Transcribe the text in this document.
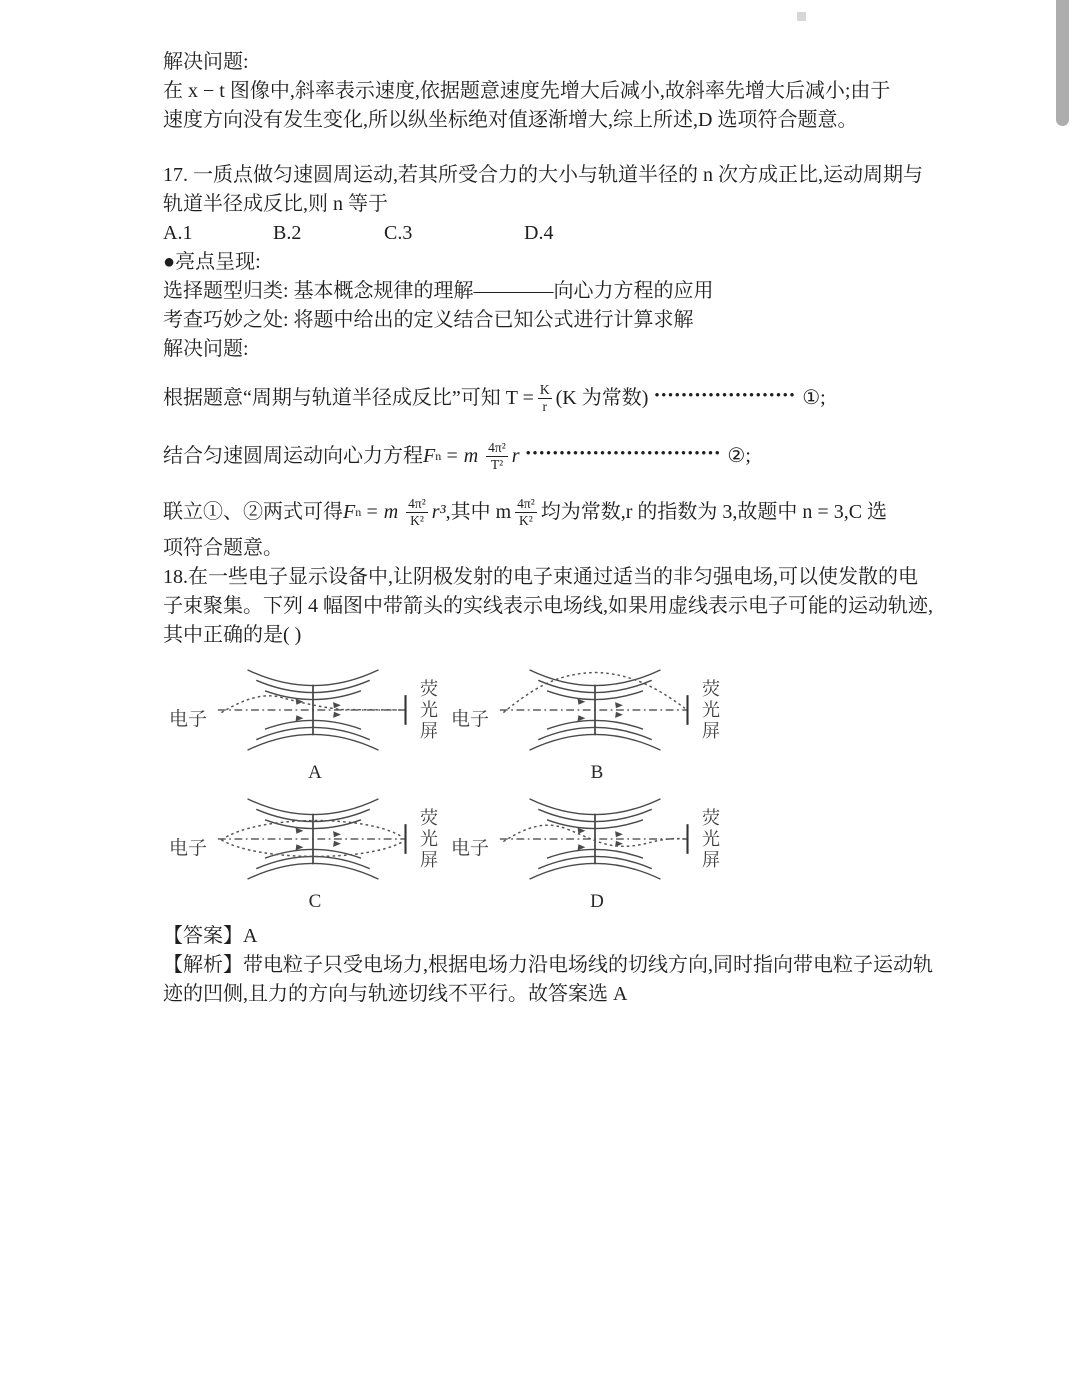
解决问题:
在 x − t 图像中,斜率表示速度,依据题意速度先增大后减小,故斜率先增大后减小;由于
速度方向没有发生变化,所以纵坐标绝对值逐渐增大,综上所述,D 选项符合题意。
17. 一质点做匀速圆周运动,若其所受合力的大小与轨道半径的 n 次方成正比,运动周期与
轨道半径成反比,则 n 等于
A.1	B.2	C.3	D.4
●亮点呈现:
选择题型归类: 基本概念规律的理解————向心力方程的应用
考查巧妙之处: 将题中给出的定义结合已知公式进行计算求解
解决问题:
根据题意“周期与轨道半径成反比”可知 $T = \frac{K}{r} (K$ 为常数) ••••••••••••••••••••• ①;
结合匀速圆周运动向心力方程 F n = m $\frac{\text{4π²}}{\text{T²}}$ r ••••••••••••••••••••••••••••• ②;
联立①、②两式可得 F n = m $\frac{\text{4π²}}{\text{K²}} r^3$ ,其中 m $\frac{\text{4π²}}{\text{K²}}$ 均为常数,r 的指数为 3,故题中 n = 3,C 选
项符合题意。
18.在一些电子显示设备中,让阴极发射的电子束通过适当的非匀强电场,可以使发散的电
子束聚集。下列 4 幅图中带箭头的实线表示电场线,如果用虚线表示电子可能的运动轨迹,
其中正确的是( )
电子	荧光屏
A
电子	荧光屏
B
电子	荧光屏
C
电子	荧光屏
D
【答案】A
【解析】带电粒子只受电场力,根据电场力沿电场线的切线方向,同时指向带电粒子运动轨
迹的凹侧,且力的方向与轨迹切线不平行。故答案选 A
